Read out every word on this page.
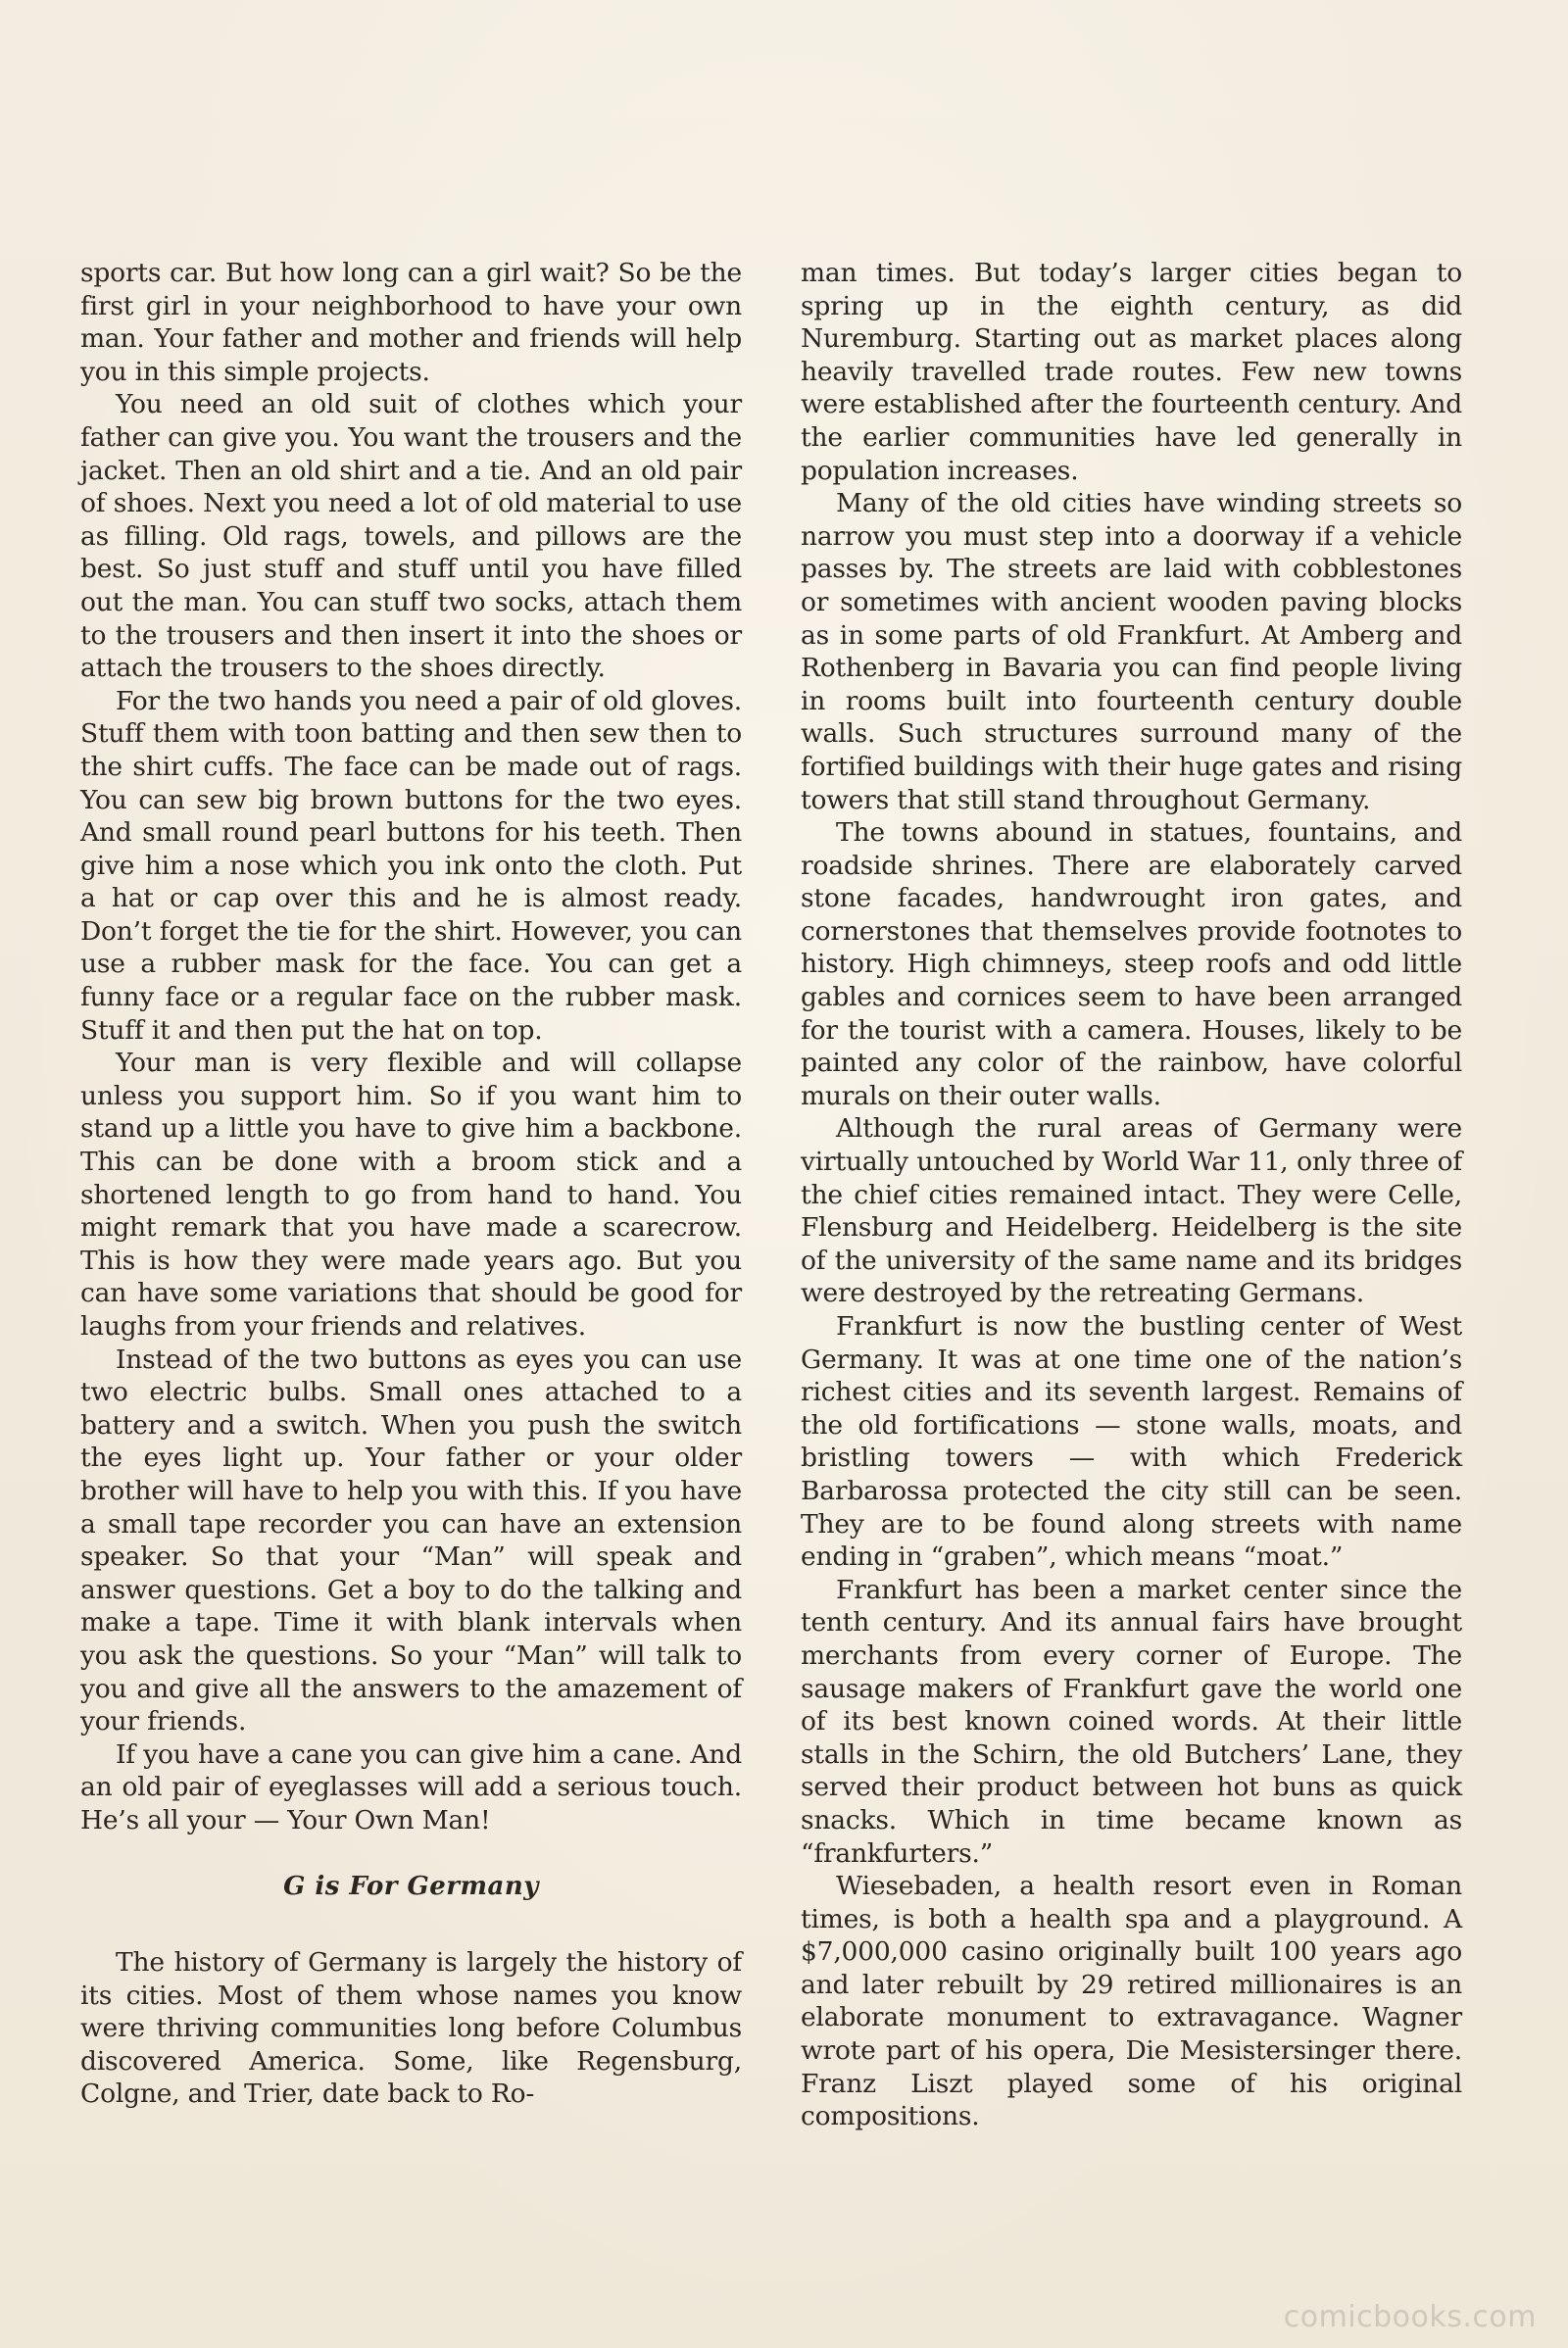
sports car. But how long can a girl wait? So be the first girl in your neighborhood to have your own man. Your father and mother and friends will help you in this simple projects.

You need an old suit of clothes which your father can give you. You want the trousers and the jacket. Then an old shirt and a tie. And an old pair of shoes. Next you need a lot of old material to use as filling. Old rags, towels, and pillows are the best. So just stuff and stuff until you have filled out the man. You can stuff two socks, attach them to the trousers and then insert it into the shoes or attach the trousers to the shoes directly.

For the two hands you need a pair of old gloves. Stuff them with toon batting and then sew then to the shirt cuffs. The face can be made out of rags. You can sew big brown buttons for the two eyes. And small round pearl buttons for his teeth. Then give him a nose which you ink onto the cloth. Put a hat or cap over this and he is almost ready. Don’t forget the tie for the shirt. However, you can use a rubber mask for the face. You can get a funny face or a regular face on the rubber mask. Stuff it and then put the hat on top.

Your man is very flexible and will collapse unless you support him. So if you want him to stand up a little you have to give him a backbone. This can be done with a broom stick and a shortened length to go from hand to hand. You might remark that you have made a scarecrow. This is how they were made years ago. But you can have some variations that should be good for laughs from your friends and relatives.

Instead of the two buttons as eyes you can use two electric bulbs. Small ones attached to a battery and a switch. When you push the switch the eyes light up. Your father or your older brother will have to help you with this. If you have a small tape recorder you can have an extension speaker. So that your “Man” will speak and answer questions. Get a boy to do the talking and make a tape. Time it with blank intervals when you ask the questions. So your “Man” will talk to you and give all the answers to the amazement of your friends.

If you have a cane you can give him a cane. And an old pair of eyeglasses will add a serious touch. He’s all your — Your Own Man!

G is For Germany

The history of Germany is largely the history of its cities. Most of them whose names you know were thriving communities long before Columbus discovered America. Some, like Regensburg, Colgne, and Trier, date back to Ro-

man times. But today’s larger cities began to spring up in the eighth century, as did Nuremburg. Starting out as market places along heavily travelled trade routes. Few new towns were established after the fourteenth century. And the earlier communities have led generally in population increases.

Many of the old cities have winding streets so narrow you must step into a doorway if a vehicle passes by. The streets are laid with cobblestones or sometimes with ancient wooden paving blocks as in some parts of old Frankfurt. At Amberg and Rothenberg in Bavaria you can find people living in rooms built into fourteenth century double walls. Such structures surround many of the fortified buildings with their huge gates and rising towers that still stand throughout Germany.

The towns abound in statues, fountains, and roadside shrines. There are elaborately carved stone facades, handwrought iron gates, and cornerstones that themselves provide footnotes to history. High chimneys, steep roofs and odd little gables and cornices seem to have been arranged for the tourist with a camera. Houses, likely to be painted any color of the rainbow, have colorful murals on their outer walls.

Although the rural areas of Germany were virtually untouched by World War 11, only three of the chief cities remained intact. They were Celle, Flensburg and Heidelberg. Heidelberg is the site of the university of the same name and its bridges were destroyed by the retreating Germans.

Frankfurt is now the bustling center of West Germany. It was at one time one of the nation’s richest cities and its seventh largest. Remains of the old fortifications — stone walls, moats, and bristling towers — with which Frederick Barbarossa protected the city still can be seen. They are to be found along streets with name ending in “graben”, which means “moat.”

Frankfurt has been a market center since the tenth century. And its annual fairs have brought merchants from every corner of Europe. The sausage makers of Frankfurt gave the world one of its best known coined words. At their little stalls in the Schirn, the old Butchers’ Lane, they served their product between hot buns as quick snacks. Which in time became known as “frankfurters.”

Wiesebaden, a health resort even in Roman times, is both a health spa and a playground. A $7,000,000 casino originally built 100 years ago and later rebuilt by 29 retired millionaires is an elaborate monument to extravagance. Wagner wrote part of his opera, Die Mesistersinger there. Franz Liszt played some of his original compositions.

comicbooks.com
